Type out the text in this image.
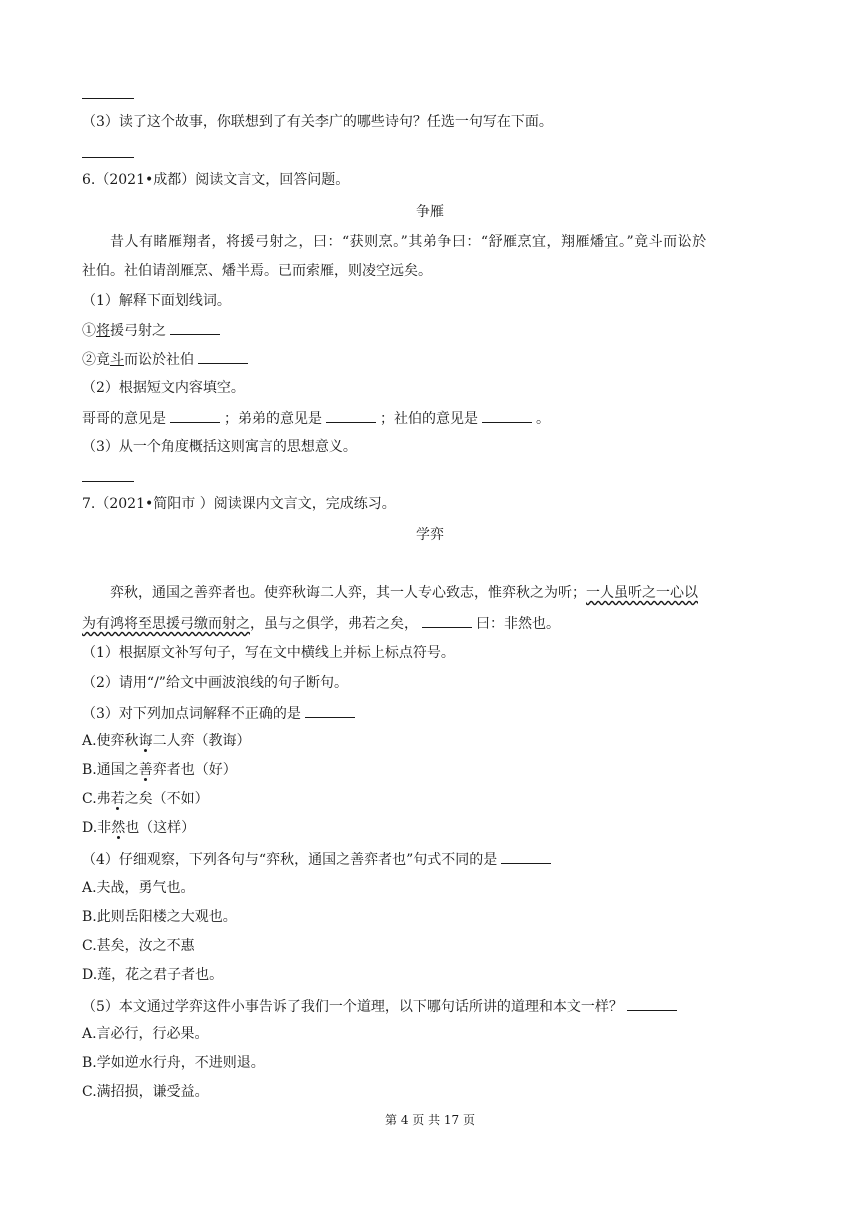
（3）读了这个故事，你联想到了有关李广的哪些诗句？任选一句写在下面。
6.（2021•成都）阅读文言文，回答问题。
争雁
昔人有睹雁翔者，将援弓射之，曰：“获则烹。”其弟争曰：“舒雁烹宜，翔雁燔宜。”竟斗而讼於
社伯。社伯请剖雁烹、燔半焉。已而索雁，则凌空远矣。
（1）解释下面划线词。
①将援弓射之
②竟斗而讼於社伯
（2）根据短文内容填空。
哥哥的意见是	；弟弟的意见是	；社伯的意见是	。
（3）从一个角度概括这则寓言的思想意义。
7.（2021•简阳市 ）阅读课内文言文，完成练习。
学弈
弈秋，通国之善弈者也。使弈秋诲二人弈，其一人专心致志，惟弈秋之为听；一人虽听之一心以
为有鸿将至思援弓缴而射之，虽与之俱学，弗若之矣，	曰：非然也。
（1）根据原文补写句子，写在文中横线上并标上标点符号。
（2）请用“/”给文中画波浪线的句子断句。
（3）对下列加点词解释不正确的是
A.使弈秋诲二人弈（教诲）
B.通国之善弈者也（好）
C.弗若之矣（不如）
D.非然也（这样）
（4）仔细观察，下列各句与“弈秋，通国之善弈者也”句式不同的是
A.夫战，勇气也。
B.此则岳阳楼之大观也。
C.甚矣，汝之不惠
D.莲，花之君子者也。
（5）本文通过学弈这件小事告诉了我们一个道理，以下哪句话所讲的道理和本文一样？
A.言必行，行必果。
B.学如逆水行舟，不进则退。
C.满招损，谦受益。
第 4 页 共 17 页
